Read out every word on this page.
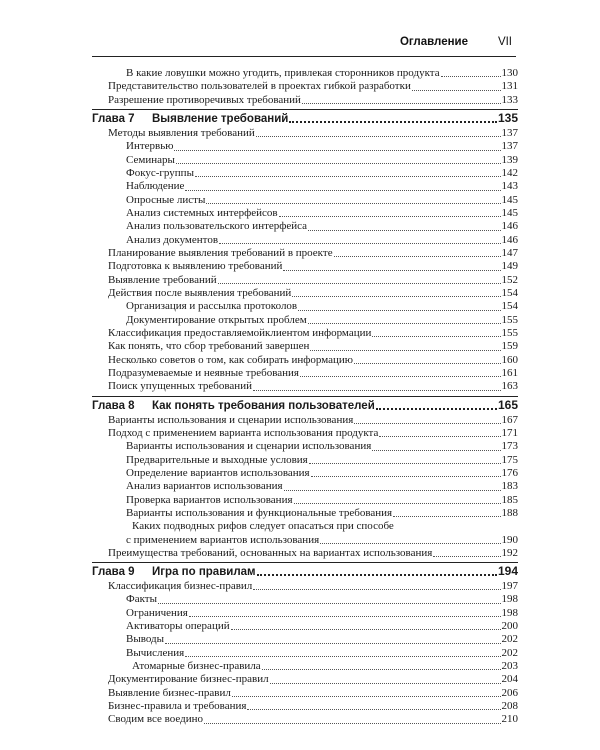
Оглавление	VII
В какие ловушки можно угодить, привлекая сторонников продукта	130
Представительство пользователей в проектах гибкой разработки	131
Разрешение противоречивых требований	133
Глава 7 Выявление требований	135
Методы выявления требований	137
Интервью	137
Семинары	139
Фокус-группы	142
Наблюдение	143
Опросные листы	145
Анализ системных интерфейсов	145
Анализ пользовательского интерфейса	146
Анализ документов	146
Планирование выявления требований в проекте	147
Подготовка к выявлению требований	149
Выявление требований	152
Действия после выявления требований	154
Организация и рассылка протоколов	154
Документирование открытых проблем	155
Классификация предоставляемойклиентом информации	155
Как понять, что сбор требований завершен	159
Несколько советов о том, как собирать информацию	160
Подразумеваемые и неявные требования	161
Поиск упущенных требований	163
Глава 8 Как понять требования пользователей	165
Варианты использования и сценарии использования	167
Подход с применением варианта использования продукта	171
Варианты использования и сценарии использования	173
Предварительные и выходные условия	175
Определение вариантов использования	176
Анализ вариантов использования	183
Проверка вариантов использования	185
Варианты использования и функциональные требования	188
Каких подводных рифов следует опасаться при способе
с применением вариантов использования	190
Преимущества требований, основанных на вариантах использования	192
Глава 9 Игра по правилам	194
Классификация бизнес-правил	197
Факты	198
Ограничения	198
Активаторы операций	200
Выводы	202
Вычисления	202
Атомарные бизнес-правила	203
Документирование бизнес-правил	204
Выявление бизнес-правил	206
Бизнес-правила и требования	208
Сводим все воедино	210
